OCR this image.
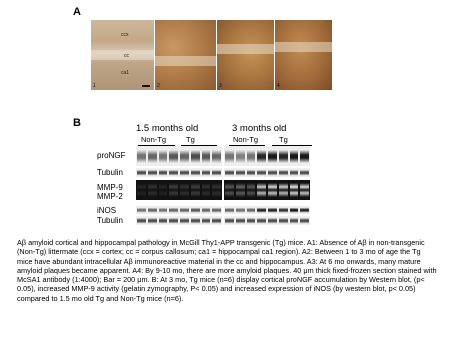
A
ccx
cc
ca1
1	2	3	4
B	1.5 months old	3 months old
Non-Tg	Tg	Non-Tg	Tg
proNGF
Tubulin
MMP-9
MMP-2
iNOS
Tubulin
Aβ amyloid cortical and hippocampal pathology in McGill Thy1-APP transgenic (Tg) mice. A1: Absence of Aβ in non-transgenic (Non-Tg) littermate (ccx = cortex; cc = corpus callosum; ca1 = hippocampal ca1 region). A2: Between 1 to 3 mo of age the Tg mice have abundant intracellular Aβ immunoreactive material in the cc and hippocampus. A3: At 6 mo onwards, many mature amyloid plaques became apparent. A4: By 9-10 mo, there are more amyloid plaques. 40 μm thick fixed-frozen section stained with McSA1 antibody (1:4000); Bar = 200 μm. B: At 3 mo, Tg mice (n=6) display cortical proNGF accumulation by Western blot, (p< 0.05), increased MMP-9 activity (gelatin zymography, P< 0.05) and increased expression of iNOS (by western blot, p< 0.05) compared to 1.5 mo old Tg and Non-Tg mice (n=6).
